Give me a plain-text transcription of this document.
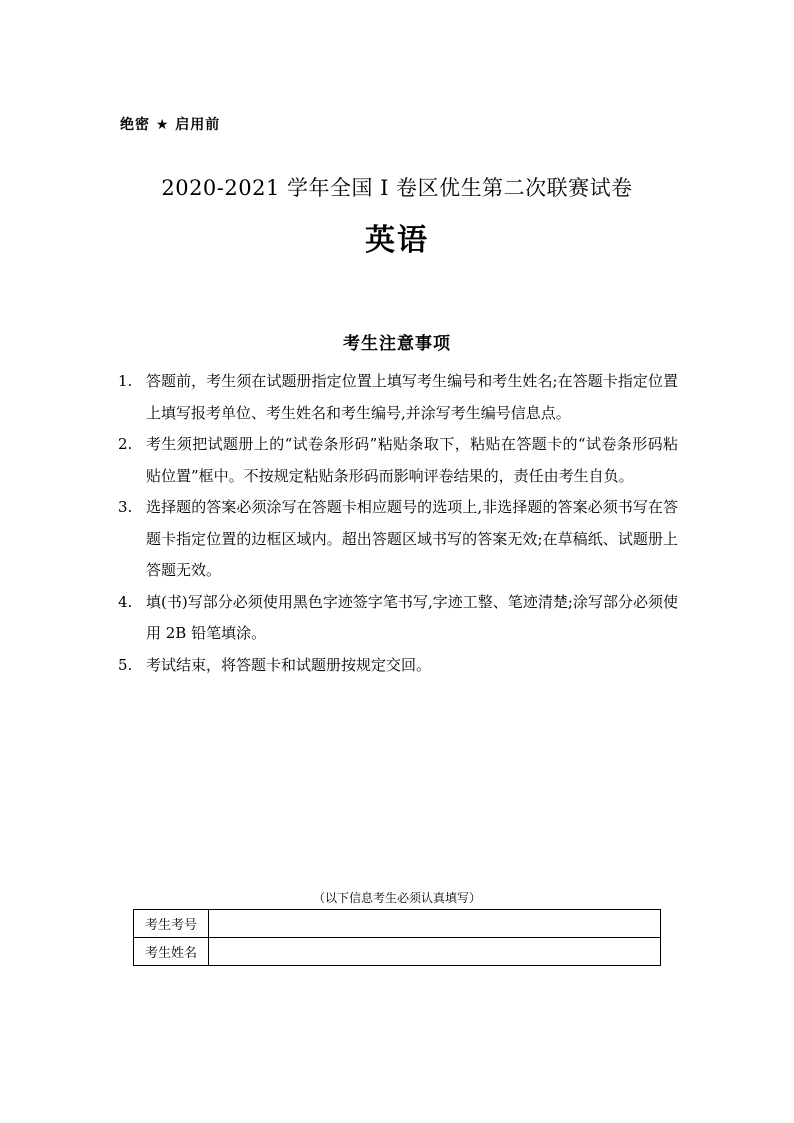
绝密 ★ 启用前
2020-2021 学年全国 I 卷区优生第二次联赛试卷
英语
考生注意事项
1. 答题前，考生须在试题册指定位置上填写考生编号和考生姓名;在答题卡指定位置上填写报考单位、考生姓名和考生编号,并涂写考生编号信息点。
2. 考生须把试题册上的“试卷条形码”粘贴条取下，粘贴在答题卡的“试卷条形码粘贴位置”框中。不按规定粘贴条形码而影响评卷结果的，责任由考生自负。
3. 选择题的答案必须涂写在答题卡相应题号的选项上,非选择题的答案必须书写在答题卡指定位置的边框区域内。超出答题区域书写的答案无效;在草稿纸、试题册上答题无效。
4. 填(书)写部分必须使用黑色字迹签字笔书写,字迹工整、笔迹清楚;涂写部分必须使用 2B 铅笔填涂。
5. 考试结束，将答题卡和试题册按规定交回。
（以下信息考生必须认真填写）
考生考号	
考生姓名	
